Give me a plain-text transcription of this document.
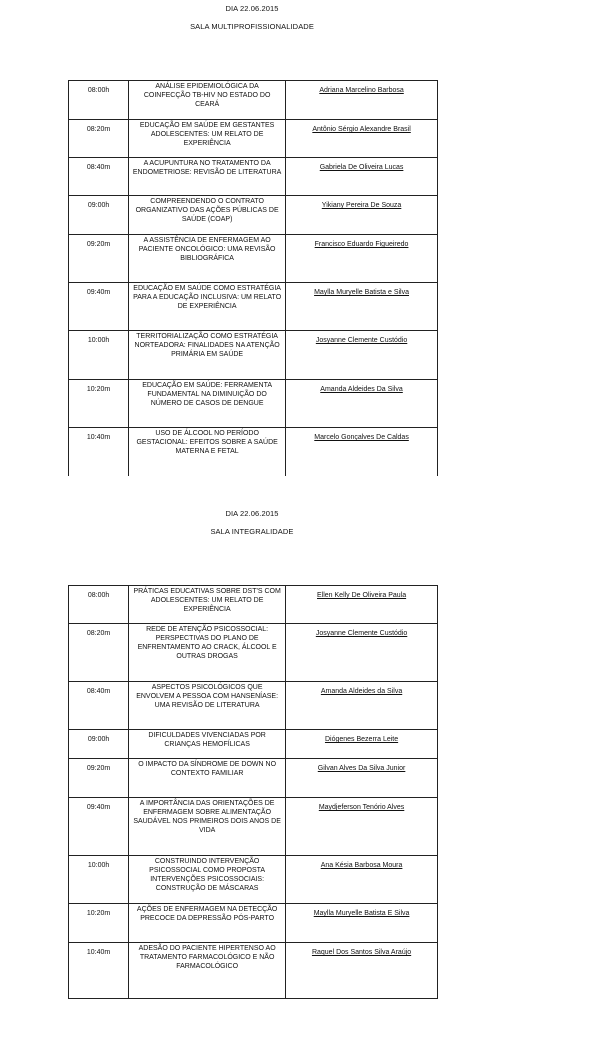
DIA 22.06.2015
SALA MULTIPROFISSIONALIDADE
08:00h	ANÁLISE EPIDEMIOLÓGICA DA COINFECÇÃO TB-HIV NO ESTADO DO CEARÁ	Adriana Marcelino Barbosa
08:20m	EDUCAÇÃO EM SAÚDE EM GESTANTES ADOLESCENTES: UM RELATO DE EXPERIÊNCIA	Antônio Sérgio Alexandre Brasil
08:40m	A ACUPUNTURA NO TRATAMENTO DA ENDOMETRIOSE: REVISÃO DE LITERATURA	Gabriela De Oliveira Lucas
09:00h	COMPREENDENDO O CONTRATO ORGANIZATIVO DAS AÇÕES PÚBLICAS DE SAÚDE (COAP)	Yikiany Pereira De Souza
09:20m	A ASSISTÊNCIA DE ENFERMAGEM AO PACIENTE ONCOLÓGICO: UMA REVISÃO BIBLIOGRÁFICA	Francisco Eduardo Figueiredo
09:40m	EDUCAÇÃO EM SAÚDE COMO ESTRATÉGIA PARA A EDUCAÇÃO INCLUSIVA: UM RELATO DE EXPERIÊNCIA	Maylla Muryelle Batista e Silva
10:00h	TERRITORIALIZAÇÃO COMO ESTRATÉGIA NORTEADORA: FINALIDADES NA ATENÇÃO PRIMÁRIA EM SAÚDE	Josyanne Clemente Custódio
10:20m	EDUCAÇÃO EM SAÚDE: FERRAMENTA FUNDAMENTAL NA DIMINUIÇÃO DO NÚMERO DE CASOS DE DENGUE	Amanda Aldeides Da Silva
10:40m	USO DE ÁLCOOL NO PERÍODO GESTACIONAL: EFEITOS SOBRE A SAÚDE MATERNA E FETAL	Marcelo Gonçalves De Caldas
DIA 22.06.2015
SALA INTEGRALIDADE
08:00h	PRÁTICAS EDUCATIVAS SOBRE DST'S COM ADOLESCENTES: UM RELATO DE EXPERIÊNCIA	Ellen Kelly De Oliveira Paula
08:20m	REDE DE ATENÇÃO PSICOSSOCIAL: PERSPECTIVAS DO PLANO DE ENFRENTAMENTO AO CRACK, ÁLCOOL E OUTRAS DROGAS	Josyanne Clemente Custódio
08:40m	ASPECTOS PSICOLÓGICOS QUE ENVOLVEM A PESSOA COM HANSENÍASE: UMA REVISÃO DE LITERATURA	Amanda Aldeides da Silva
09:00h	DIFICULDADES VIVENCIADAS POR CRIANÇAS HEMOFÍLICAS	Diógenes Bezerra Leite
09:20m	O IMPACTO DA SÍNDROME DE DOWN NO CONTEXTO FAMILIAR	Gilvan Alves Da Silva Junior
09:40m	A IMPORTÂNCIA DAS ORIENTAÇÕES DE ENFERMAGEM SOBRE ALIMENTAÇÃO SAUDÁVEL NOS PRIMEIROS DOIS ANOS DE VIDA	Maydjeferson Tenório Alves
10:00h	CONSTRUINDO INTERVENÇÃO PSICOSSOCIAL COMO PROPOSTA INTERVENÇÕES PSICOSSOCIAIS: CONSTRUÇÃO DE MÁSCARAS	Ana Késia Barbosa Moura
10:20m	AÇÕES DE ENFERMAGEM NA DETECÇÃO PRECOCE DA DEPRESSÃO PÓS-PARTO	Maylla Muryelle Batista E Silva
10:40m	ADESÃO DO PACIENTE HIPERTENSO AO TRATAMENTO FARMACOLÓGICO E NÃO FARMACOLÓGICO	Raquel Dos Santos Silva Araújo
